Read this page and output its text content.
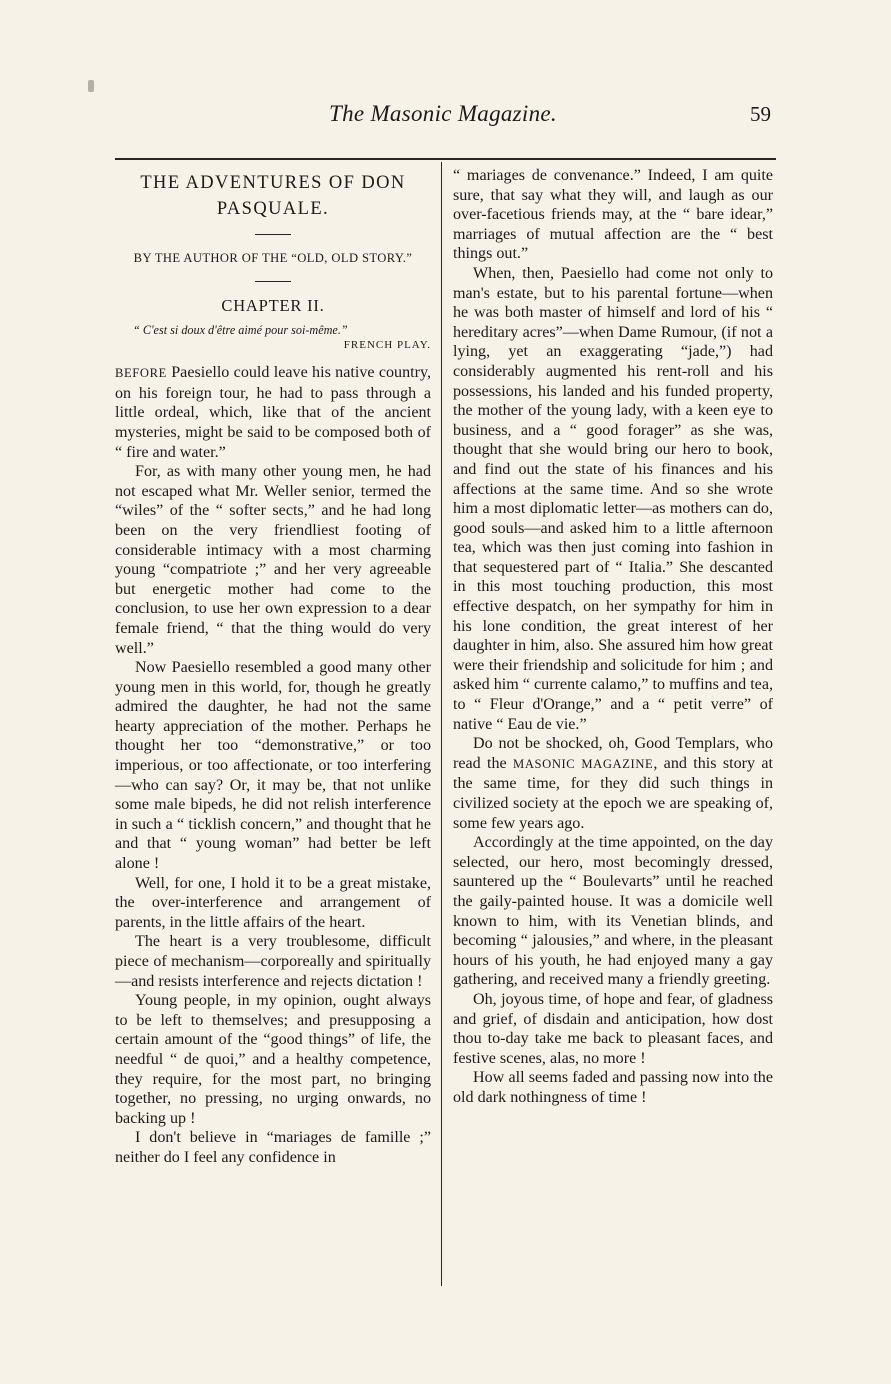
The Masonic Magazine.	59
THE ADVENTURES OF DON PASQUALE.
BY THE AUTHOR OF THE “OLD, OLD STORY.”
CHAPTER II.
“ C'est si doux d'être aimé pour soi-même.”
FRENCH PLAY.

BEFORE Paesiello could leave his native country, on his foreign tour, he had to pass through a little ordeal, which, like that of the ancient mysteries, might be said to be composed both of “ fire and water.”

For, as with many other young men, he had not escaped what Mr. Weller senior, termed the “wiles” of the “ softer sects,” and he had long been on the very friendliest footing of considerable intimacy with a most charming young “compatriote ;” and her very agreeable but energetic mother had come to the conclusion, to use her own expression to a dear female friend, “ that the thing would do very well.”

Now Paesiello resembled a good many other young men in this world, for, though he greatly admired the daughter, he had not the same hearty appreciation of the mother. Perhaps he thought her too “demonstrative,” or too imperious, or too affectionate, or too interfering—who can say? Or, it may be, that not unlike some male bipeds, he did not relish interference in such a “ ticklish concern,” and thought that he and that “ young woman” had better be left alone !

Well, for one, I hold it to be a great mistake, the over-interference and arrangement of parents, in the little affairs of the heart.

The heart is a very troublesome, difficult piece of mechanism—corporeally and spiritually—and resists interference and rejects dictation !

Young people, in my opinion, ought always to be left to themselves; and presupposing a certain amount of the “good things” of life, the needful “ de quoi,” and a healthy competence, they require, for the most part, no bringing together, no pressing, no urging onwards, no backing up !

I don't believe in “mariages de famille ;” neither do I feel any confidence in

“ mariages de convenance.” Indeed, I am quite sure, that say what they will, and laugh as our over-facetious friends may, at the “ bare idear,” marriages of mutual affection are the “ best things out.”

When, then, Paesiello had come not only to man's estate, but to his parental fortune—when he was both master of himself and lord of his “ hereditary acres”—when Dame Rumour, (if not a lying, yet an exaggerating “jade,”) had considerably augmented his rent-roll and his possessions, his landed and his funded property, the mother of the young lady, with a keen eye to business, and a “ good forager” as she was, thought that she would bring our hero to book, and find out the state of his finances and his affections at the same time. And so she wrote him a most diplomatic letter—as mothers can do, good souls—and asked him to a little afternoon tea, which was then just coming into fashion in that sequestered part of “ Italia.” She descanted in this most touching production, this most effective despatch, on her sympathy for him in his lone condition, the great interest of her daughter in him, also. She assured him how great were their friendship and solicitude for him ; and asked him “ currente calamo,” to muffins and tea, to “ Fleur d'Orange,” and a “ petit verre” of native “ Eau de vie.”

Do not be shocked, oh, Good Templars, who read the MASONIC MAGAZINE, and this story at the same time, for they did such things in civilized society at the epoch we are speaking of, some few years ago.

Accordingly at the time appointed, on the day selected, our hero, most becomingly dressed, sauntered up the “ Boulevarts” until he reached the gaily-painted house. It was a domicile well known to him, with its Venetian blinds, and becoming “ jalousies,” and where, in the pleasant hours of his youth, he had enjoyed many a gay gathering, and received many a friendly greeting.

Oh, joyous time, of hope and fear, of gladness and grief, of disdain and anticipation, how dost thou to-day take me back to pleasant faces, and festive scenes, alas, no more !

How all seems faded and passing now into the old dark nothingness of time !
